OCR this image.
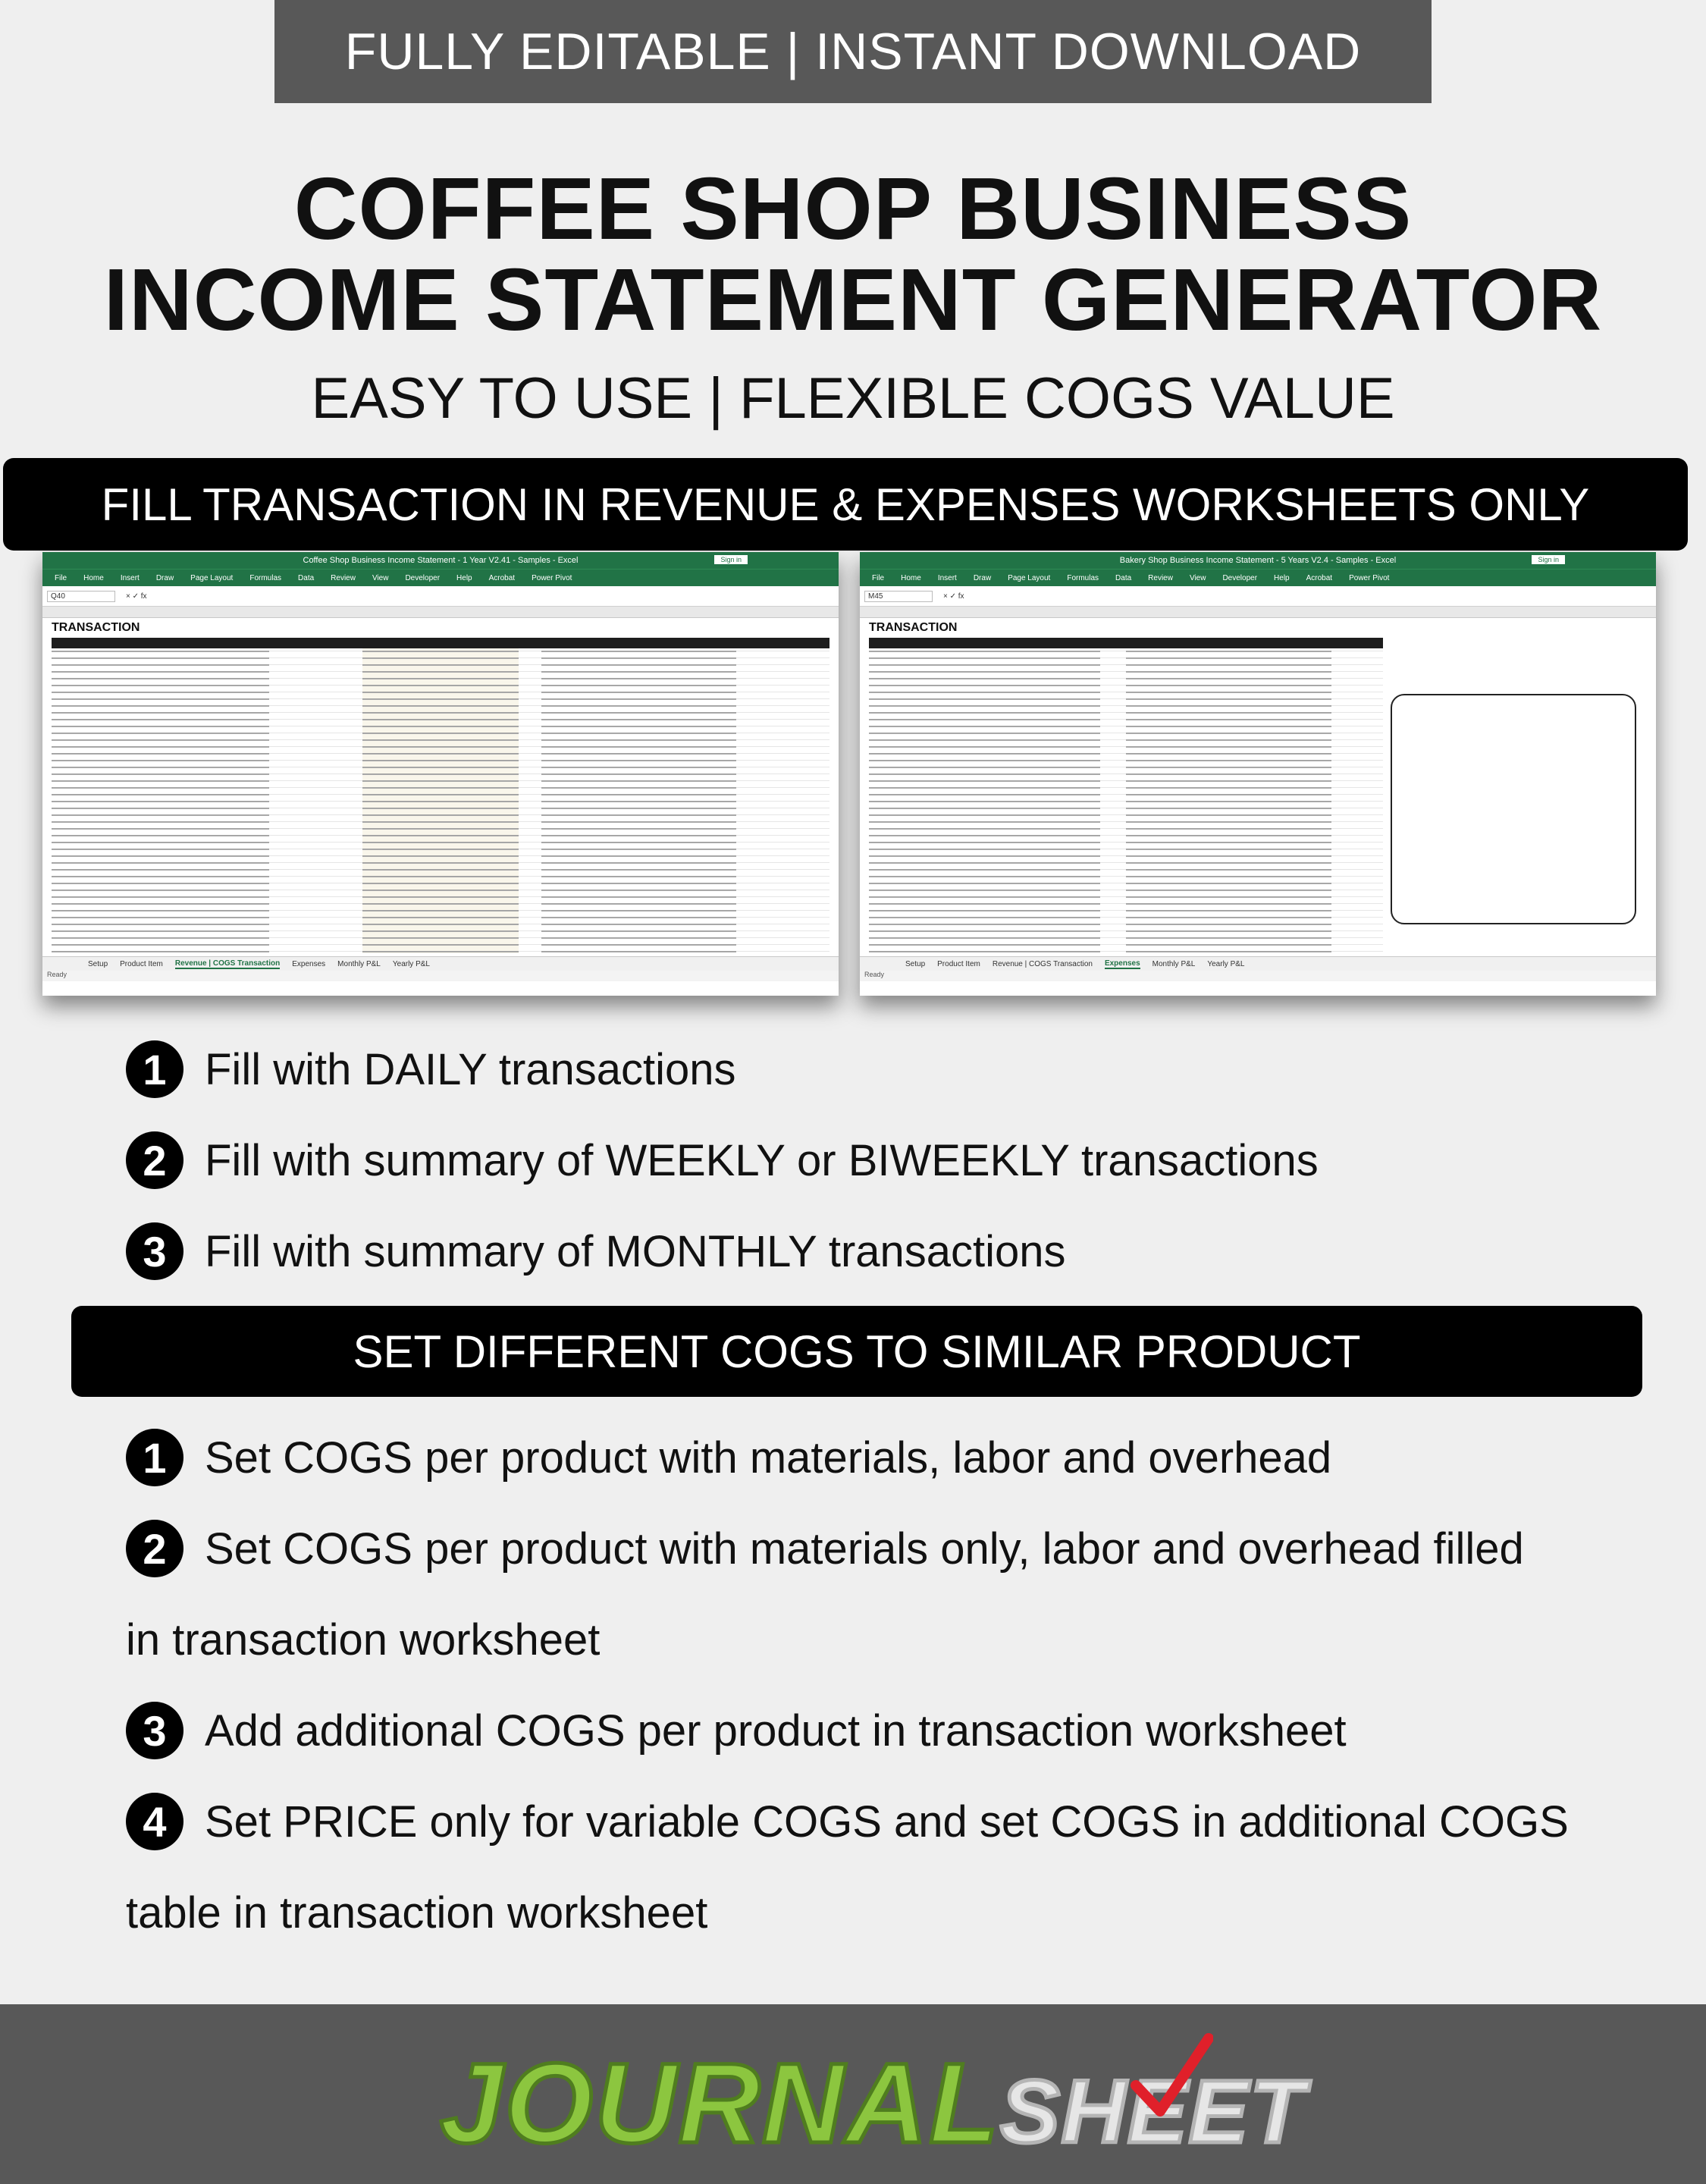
FULLY EDITABLE | INSTANT DOWNLOAD
COFFEE SHOP BUSINESS
INCOME STATEMENT GENERATOR
EASY TO USE | FLEXIBLE COGS VALUE
FILL TRANSACTION IN REVENUE & EXPENSES WORKSHEETS ONLY
Coffee Shop Business Income Statement - 1 Year V2.41 - Samples - Excel	Sign in
File Home Insert Draw Page Layout Formulas Data Review View Developer Help Acrobat Power Pivot
Q40	× ✓ fx
TRANSACTION
Setup Product Item Revenue | COGS Transaction Expenses Monthly P&L Yearly P&L
Ready
Bakery Shop Business Income Statement - 5 Years V2.4 - Samples - Excel	Sign in
File Home Insert Draw Page Layout Formulas Data Review View Developer Help Acrobat Power Pivot
M45	× ✓ fx
TRANSACTION
Setup Product Item Revenue | COGS Transaction Expenses Monthly P&L Yearly P&L
Ready
1 Fill with DAILY transactions
2 Fill with summary of WEEKLY or BIWEEKLY transactions
3 Fill with summary of MONTHLY transactions
SET DIFFERENT COGS TO SIMILAR PRODUCT
1 Set COGS per product with materials, labor and overhead
2 Set COGS per product with materials only, labor and overhead filled
in transaction worksheet
3 Add additional COGS per product in transaction worksheet
4 Set PRICE only for variable COGS and set COGS in additional COGS
table in transaction worksheet
JOURNALSHEET
